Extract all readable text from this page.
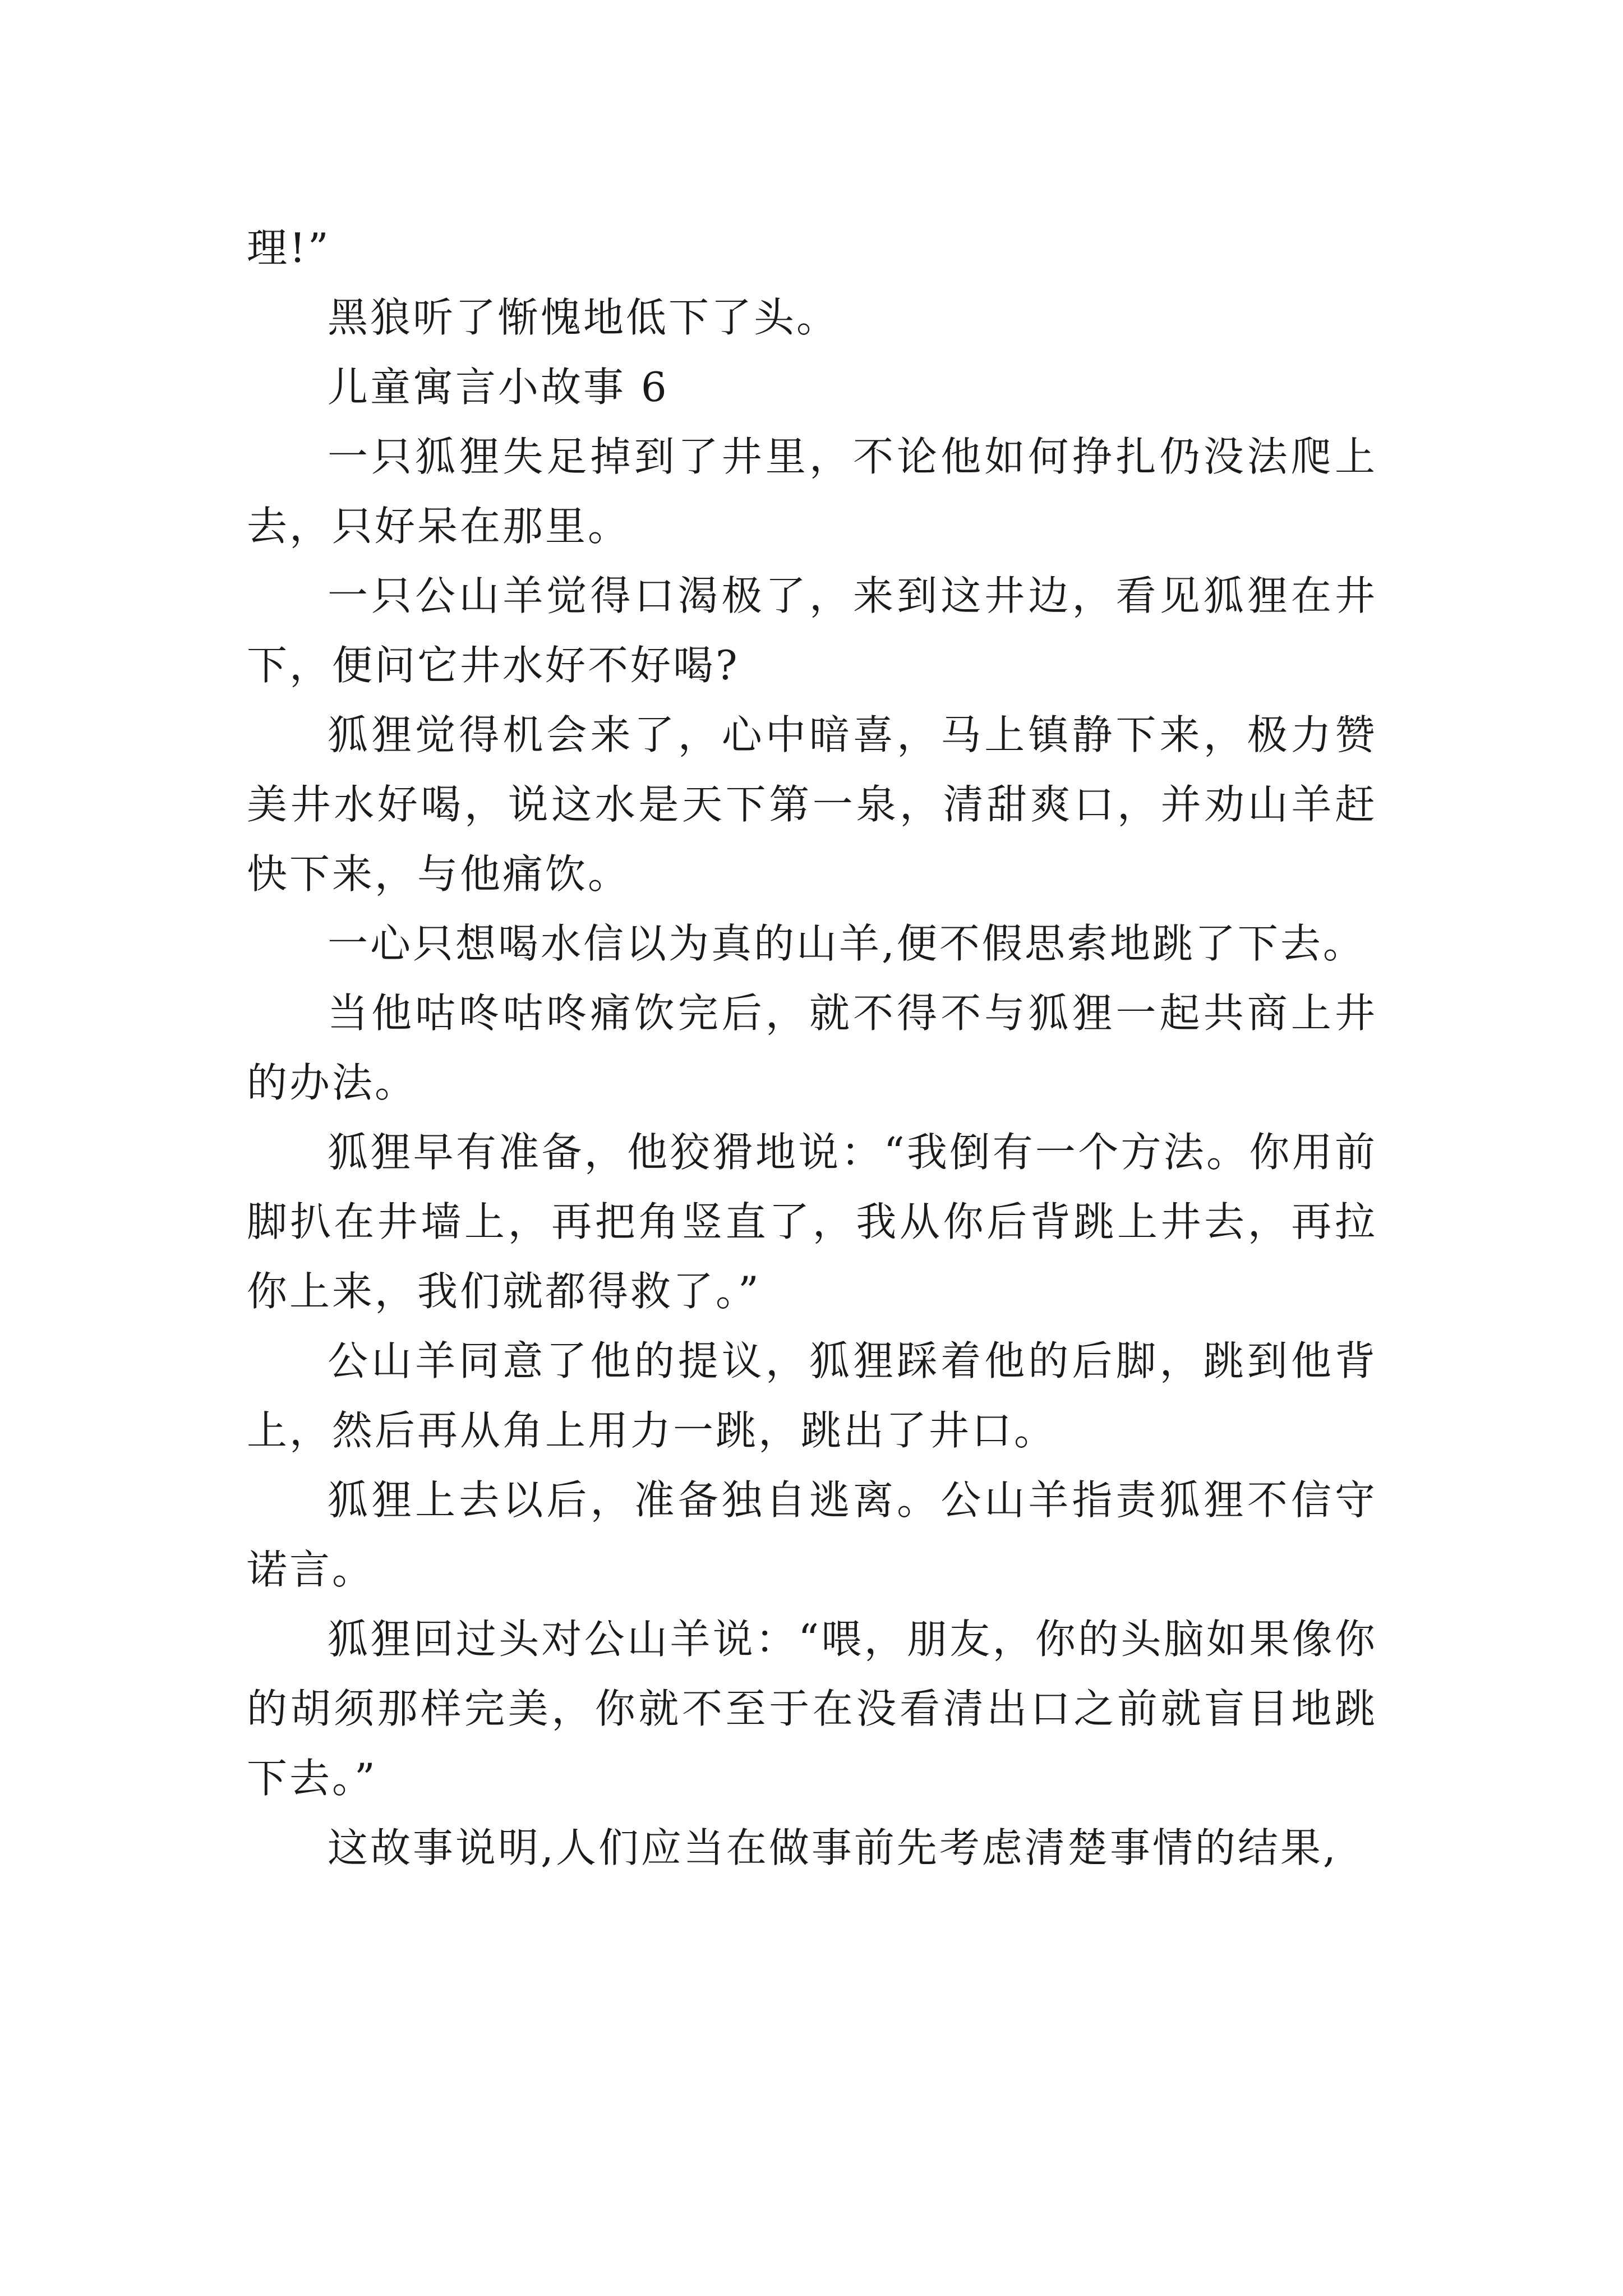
理!”

黑狼听了惭愧地低下了头。

儿童寓言小故事 6

一只狐狸失足掉到了井里，不论他如何挣扎仍没法爬上去，只好呆在那里。

一只公山羊觉得口渴极了，来到这井边，看见狐狸在井下，便问它井水好不好喝?

狐狸觉得机会来了，心中暗喜，马上镇静下来，极力赞美井水好喝，说这水是天下第一泉，清甜爽口，并劝山羊赶快下来，与他痛饮。

一心只想喝水信以为真的山羊,便不假思索地跳了下去。

当他咕咚咕咚痛饮完后，就不得不与狐狸一起共商上井的办法。

狐狸早有准备，他狡猾地说：“我倒有一个方法。你用前脚扒在井墙上，再把角竖直了，我从你后背跳上井去，再拉你上来，我们就都得救了。”

公山羊同意了他的提议，狐狸踩着他的后脚，跳到他背上，然后再从角上用力一跳，跳出了井口。

狐狸上去以后，准备独自逃离。公山羊指责狐狸不信守诺言。

狐狸回过头对公山羊说：“喂，朋友，你的头脑如果像你的胡须那样完美，你就不至于在没看清出口之前就盲目地跳下去。”

这故事说明,人们应当在做事前先考虑清楚事情的结果,
